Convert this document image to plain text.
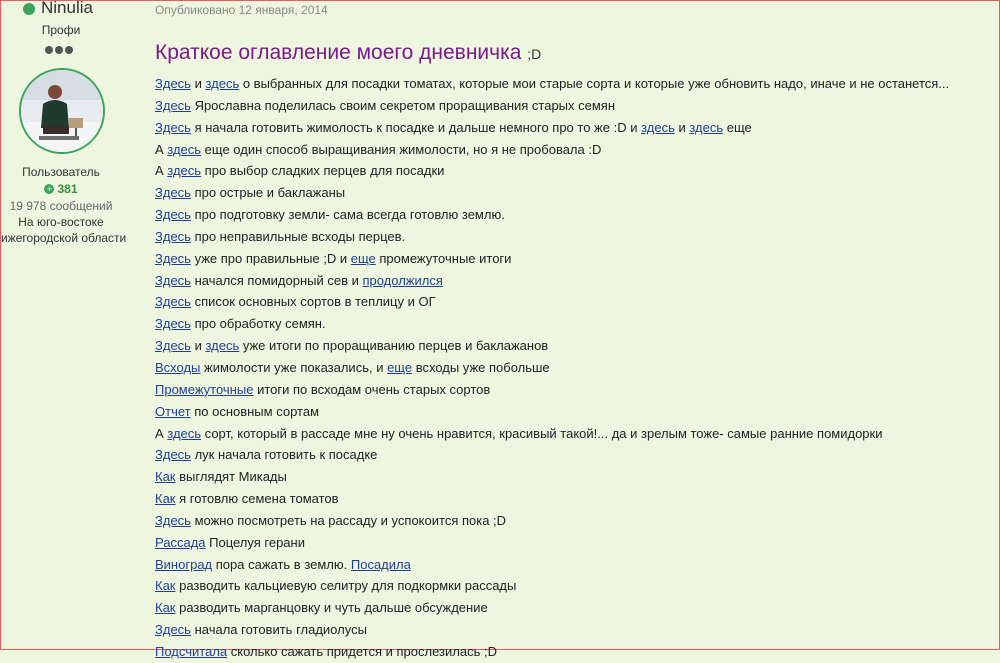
Ninulia
Профи
Пользователь
+ 381
19 978 сообщений
На юго-востоке
ижегородской области
Опубликовано 12 января, 2014
Краткое оглавление моего дневничка ;D
Здесь и здесь о выбранных для посадки томатах, которые мои старые сорта и которые уже обновить надо, иначе и не останется...
Здесь Ярославна поделилась своим секретом проращивания старых семян
Здесь я начала готовить жимолость к посадке и дальше немного про то же :D и здесь и здесь еще
А здесь еще один способ выращивания жимолости, но я не пробовала :D
А здесь про выбор сладких перцев для посадки
Здесь про острые и баклажаны
Здесь про подготовку земли- сама всегда готовлю землю.
Здесь про неправильные всходы перцев.
Здесь уже про правильные ;D и еще промежуточные итоги
Здесь начался помидорный сев и продолжился
Здесь список основных сортов в теплицу и ОГ
Здесь про обработку семян.
Здесь и здесь уже итоги по проращиванию перцев и баклажанов
Всходы жимолости уже показались, и еще всходы уже побольше
Промежуточные итоги по всходам очень старых сортов
Отчет по основным сортам
А здесь сорт, который в рассаде мне ну очень нравится, красивый такой!... да и зрелым тоже- самые ранние помидорки
Здесь лук начала готовить к посадке
Как выглядят Микады
Как я готовлю семена томатов
Здесь можно посмотреть на рассаду и успокоится пока ;D
Рассада Поцелуя герани
Виноград пора сажать в землю. Посадила
Как разводить кальциевую селитру для подкормки рассады
Как разводить марганцовку и чуть дальше обсуждение
Здесь начала готовить гладиолусы
Подсчитала сколько сажать придется и прослезилась ;D
